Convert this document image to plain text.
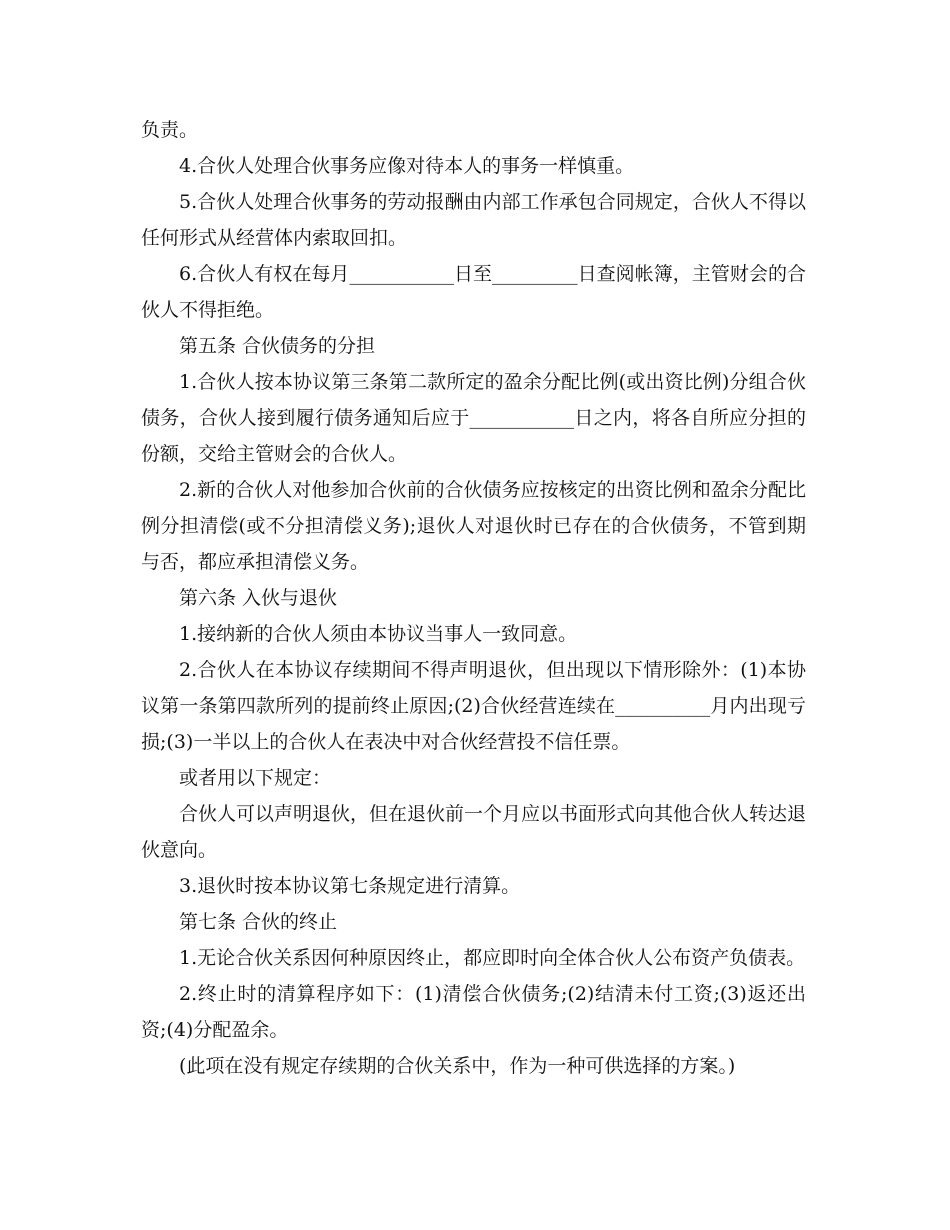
负责。

4.合伙人处理合伙事务应像对待本人的事务一样慎重。

5.合伙人处理合伙事务的劳动报酬由内部工作承包合同规定，合伙人不得以任何形式从经营体内索取回扣。

6.合伙人有权在每月___________日至_________日查阅帐簿，主管财会的合伙人不得拒绝。

第五条 合伙债务的分担

1.合伙人按本协议第三条第二款所定的盈余分配比例(或出资比例)分组合伙债务，合伙人接到履行债务通知后应于___________日之内，将各自所应分担的份额，交给主管财会的合伙人。

2.新的合伙人对他参加合伙前的合伙债务应按核定的出资比例和盈余分配比例分担清偿(或不分担清偿义务);退伙人对退伙时已存在的合伙债务，不管到期与否，都应承担清偿义务。

第六条 入伙与退伙

1.接纳新的合伙人须由本协议当事人一致同意。

2.合伙人在本协议存续期间不得声明退伙，但出现以下情形除外：(1)本协议第一条第四款所列的提前终止原因;(2)合伙经营连续在__________月内出现亏损;(3)一半以上的合伙人在表决中对合伙经营投不信任票。

或者用以下规定：

合伙人可以声明退伙，但在退伙前一个月应以书面形式向其他合伙人转达退伙意向。

3.退伙时按本协议第七条规定进行清算。

第七条 合伙的终止

1.无论合伙关系因何种原因终止，都应即时向全体合伙人公布资产负债表。

2.终止时的清算程序如下：(1)清偿合伙债务;(2)结清未付工资;(3)返还出资;(4)分配盈余。

(此项在没有规定存续期的合伙关系中，作为一种可供选择的方案。)
